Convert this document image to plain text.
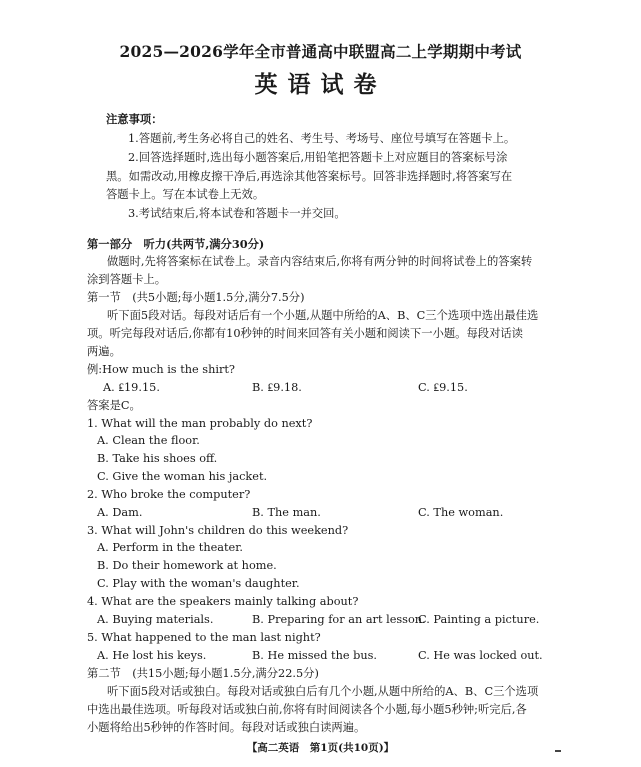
2025—2026学年全市普通高中联盟高二上学期期中考试
英语试卷
注意事项：
1.答题前,考生务必将自己的姓名、考生号、考场号、座位号填写在答题卡上。
2.回答选择题时,选出每小题答案后,用铅笔把答题卡上对应题目的答案标号涂
黑。如需改动,用橡皮擦干净后,再选涂其他答案标号。回答非选择题时,将答案写在
答题卡上。写在本试卷上无效。
3.考试结束后,将本试卷和答题卡一并交回。
第一部分　听力(共两节,满分30分)
做题时,先将答案标在试卷上。录音内容结束后,你将有两分钟的时间将试卷上的答案转
涂到答题卡上。
第一节　(共5小题;每小题1.5分,满分7.5分)
听下面5段对话。每段对话后有一个小题,从题中所给的A、B、C三个选项中选出最佳选
项。听完每段对话后,你都有10秒钟的时间来回答有关小题和阅读下一小题。每段对话读
两遍。
例:How much is the shirt?
A. ₤19.15.	B. ₤9.18.	C. ₤9.15.
答案是C。
1. What will the man probably do next?
A. Clean the floor.
B. Take his shoes off.
C. Give the woman his jacket.
2. Who broke the computer?
A. Dam.	B. The man.	C. The woman.
3. What will John's children do this weekend?
A. Perform in the theater.
B. Do their homework at home.
C. Play with the woman's daughter.
4. What are the speakers mainly talking about?
A. Buying materials.	B. Preparing for an art lesson.
C. Painting a picture.
5. What happened to the man last night?
A. He lost his keys.	B. He missed the bus.	C. He was locked out.
第二节　(共15小题;每小题1.5分,满分22.5分)
听下面5段对话或独白。每段对话或独白后有几个小题,从题中所给的A、B、C三个选项
中选出最佳选项。听每段对话或独白前,你将有时间阅读各个小题,每小题5秒钟;听完后,各
小题将给出5秒钟的作答时间。每段对话或独白读两遍。
【高二英语　第1页(共10页)】
